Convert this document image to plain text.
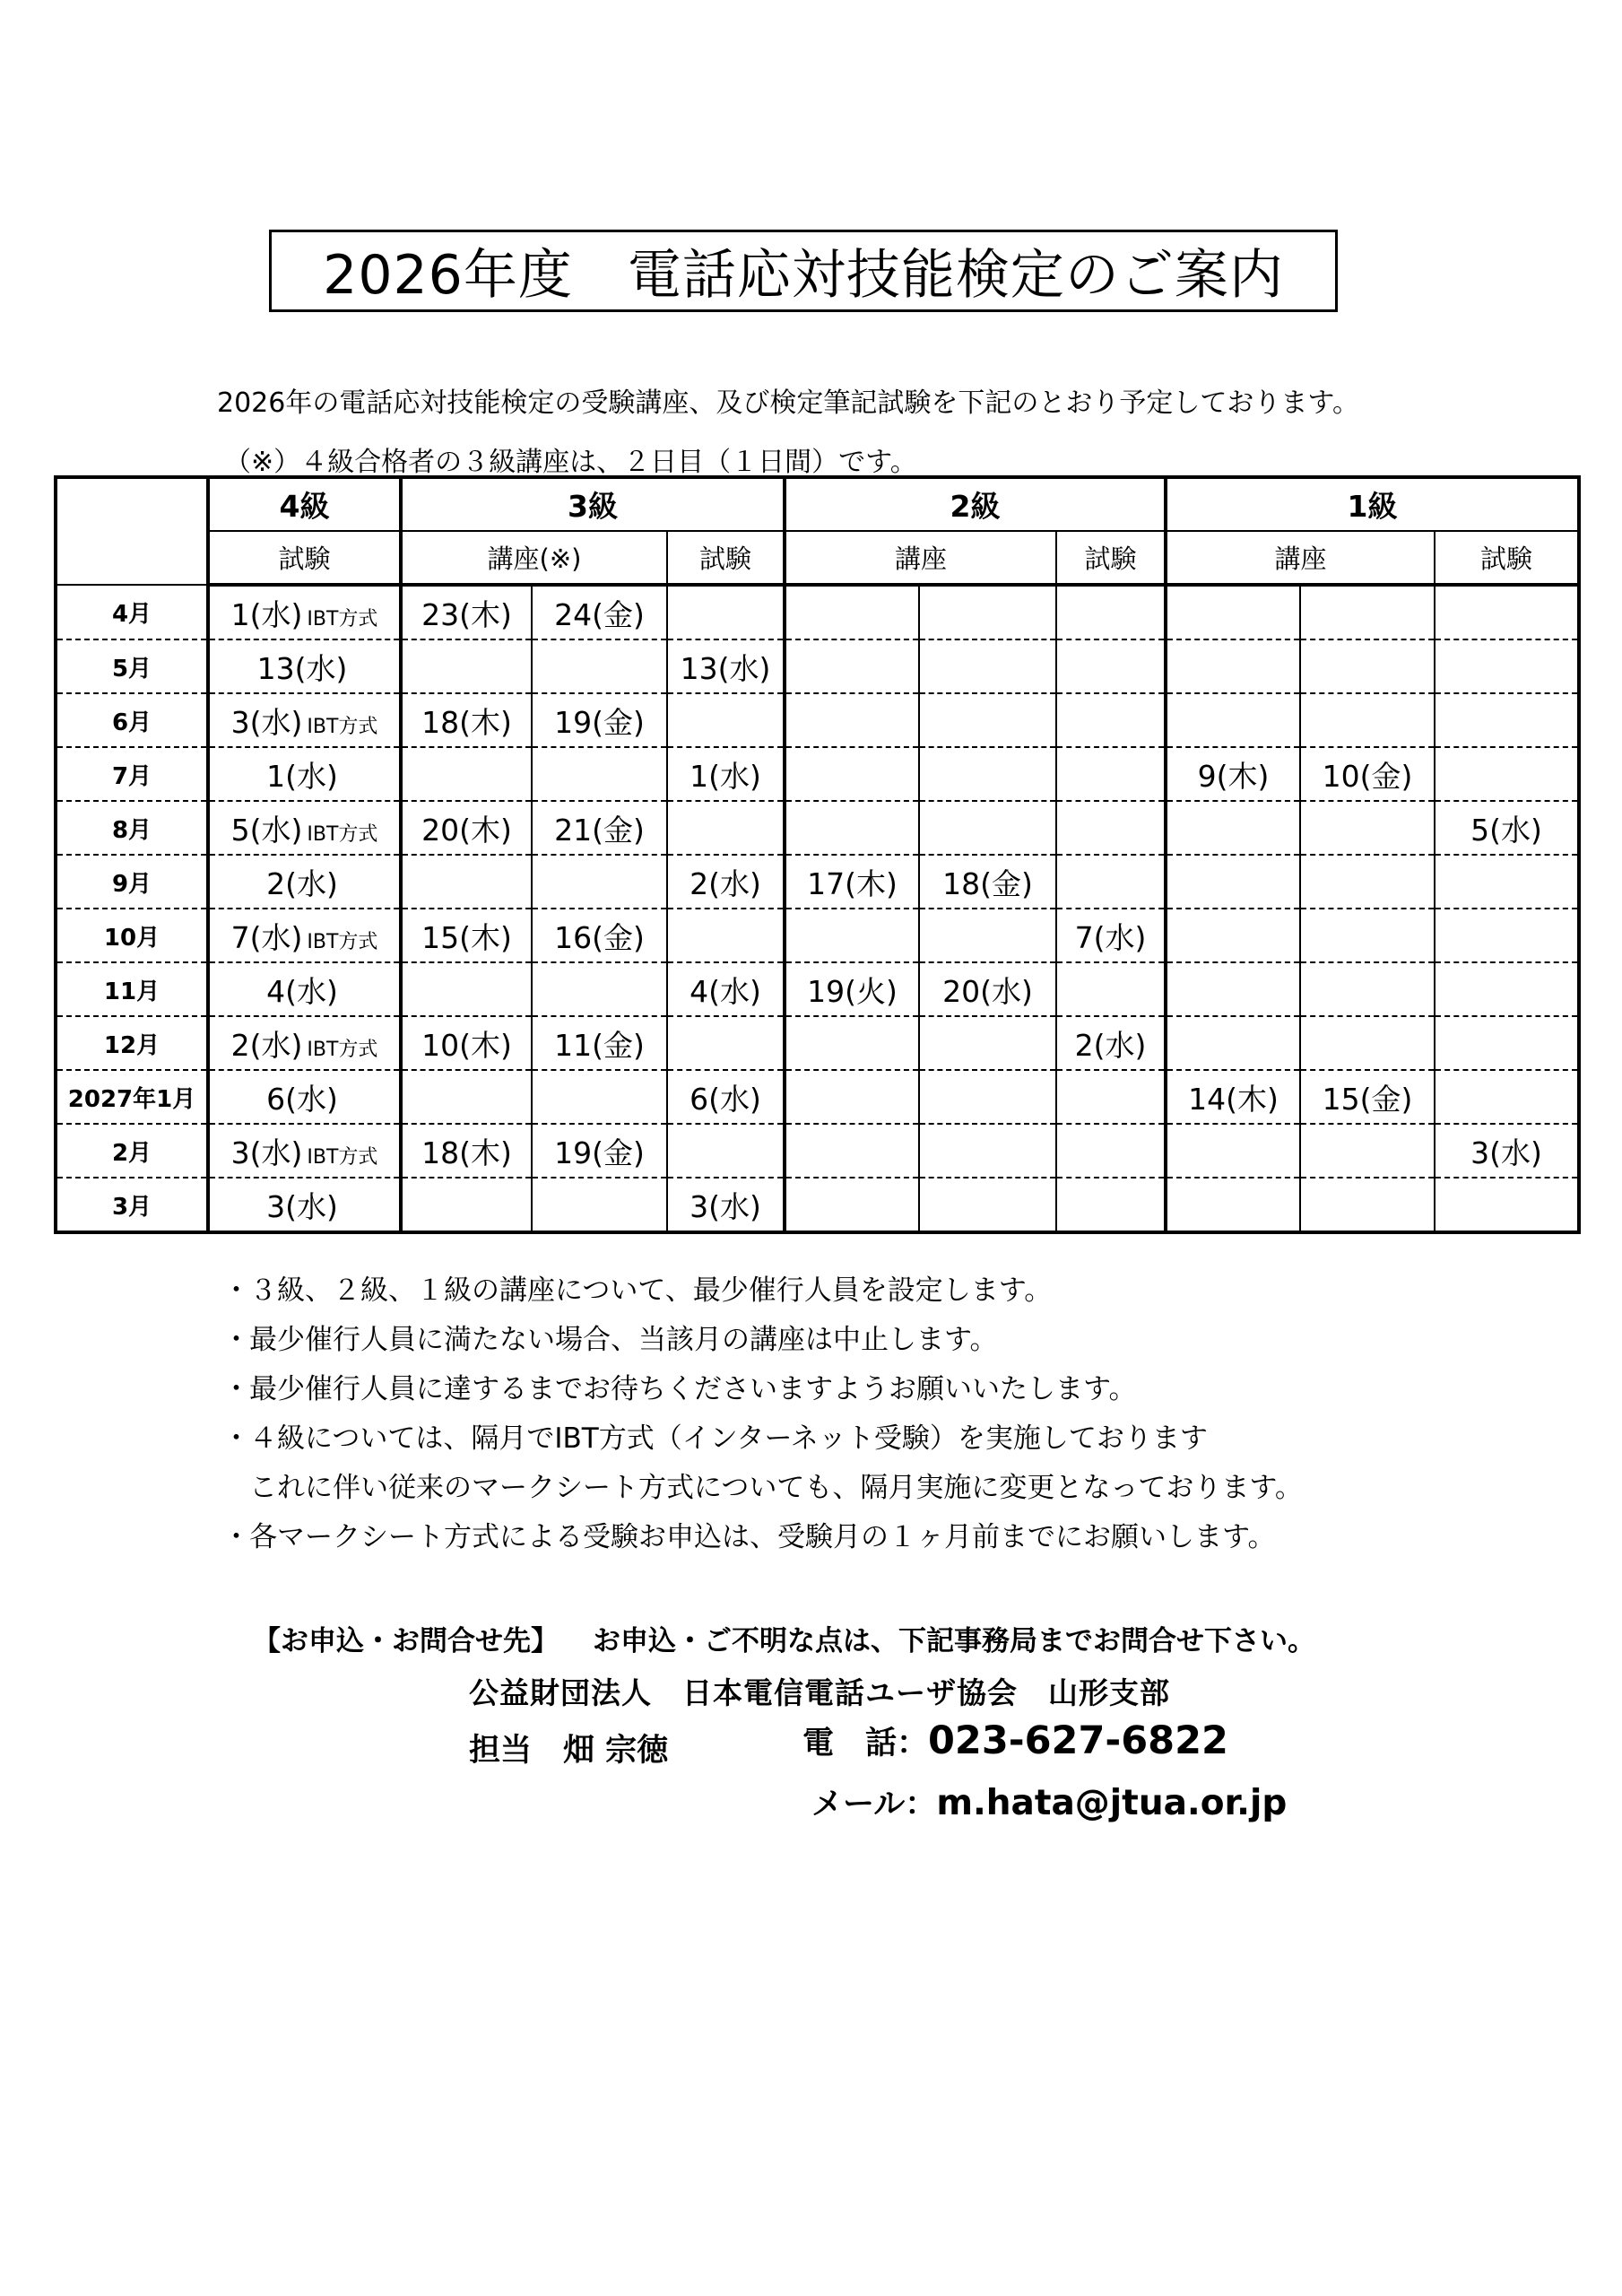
2026年度　電話応対技能検定のご案内
2026年の電話応対技能検定の受験講座、及び検定筆記試験を下記のとおり予定しております。
（※）４級合格者の３級講座は、２日目（１日間）です。
	4級	3級			2級			1級		
	試験	講座(※)		試験	講座		試験	講座		試験
4月	1(水) IBT方式	23(木)	24(金)							
5月	13(水)			13(水)						
6月	3(水) IBT方式	18(木)	19(金)							
7月	1(水)			1(水)				9(木)	10(金)	
8月	5(水) IBT方式	20(木)	21(金)							5(水)
9月	2(水)			2(水)	17(木)	18(金)				
10月	7(水) IBT方式	15(木)	16(金)				7(水)			
11月	4(水)			4(水)	19(火)	20(水)				
12月	2(水) IBT方式	10(木)	11(金)				2(水)			
2027年1月	6(水)			6(水)				14(木)	15(金)	
2月	3(水) IBT方式	18(木)	19(金)							3(水)
3月	3(水)			3(水)						
・３級、２級、１級の講座について、最少催行人員を設定します。
・最少催行人員に満たない場合、当該月の講座は中止します。
・最少催行人員に達するまでお待ちくださいますようお願いいたします。
・４級については、隔月でIBT方式（インターネット受験）を実施しております
これに伴い従来のマークシート方式についても、隔月実施に変更となっております。
・各マークシート方式による受験お申込は、受験月の１ヶ月前までにお願いします。
【お申込・お問合せ先】 お申込・ご不明な点は、下記事務局までお問合せ下さい。
公益財団法人　日本電信電話ユーザ協会　山形支部
担当　畑 宗徳	電　話：023-627-6822
メール：m.hata@jtua.or.jp
